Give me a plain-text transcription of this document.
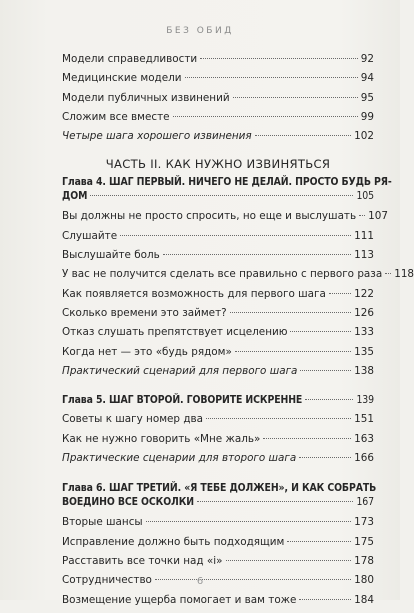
БЕЗ ОБИД
Модели справедливости	92
Медицинские модели	94
Модели публичных извинений	95
Сложим все вместе	99
Четыре шага хорошего извинения	102
ЧАСТЬ II. КАК НУЖНО ИЗВИНЯТЬСЯ
Глава 4. ШАГ ПЕРВЫЙ. НИЧЕГО НЕ ДЕЛАЙ. ПРОСТО БУДЬ РЯ-
ДОМ	105
Вы должны не просто спросить, но еще и выслушать 107
Слушайте	111
Выслушайте боль	113
У вас не получится сделать все правильно с первого раза 118
Как появляется возможность для первого шага	122
Сколько времени это займет?	126
Отказ слушать препятствует исцелению	133
Когда нет — это «будь рядом»	135
Практический сценарий для первого шага	138
Глава 5. ШАГ ВТОРОЙ. ГОВОРИТЕ ИСКРЕННЕ	139
Советы к шагу номер два	151
Как не нужно говорить «Мне жаль»	163
Практические сценарии для второго шага	166
Глава 6. ШАГ ТРЕТИЙ. «Я ТЕБЕ ДОЛЖЕН», И КАК СОБРАТЬ
ВОЕДИНО ВСЕ ОСКОЛКИ	167
Вторые шансы	173
Исправление должно быть подходящим	175
Расставить все точки над «i»	178
Сотрудничество	180
Возмещение ущерба помогает и вам тоже	184
6
